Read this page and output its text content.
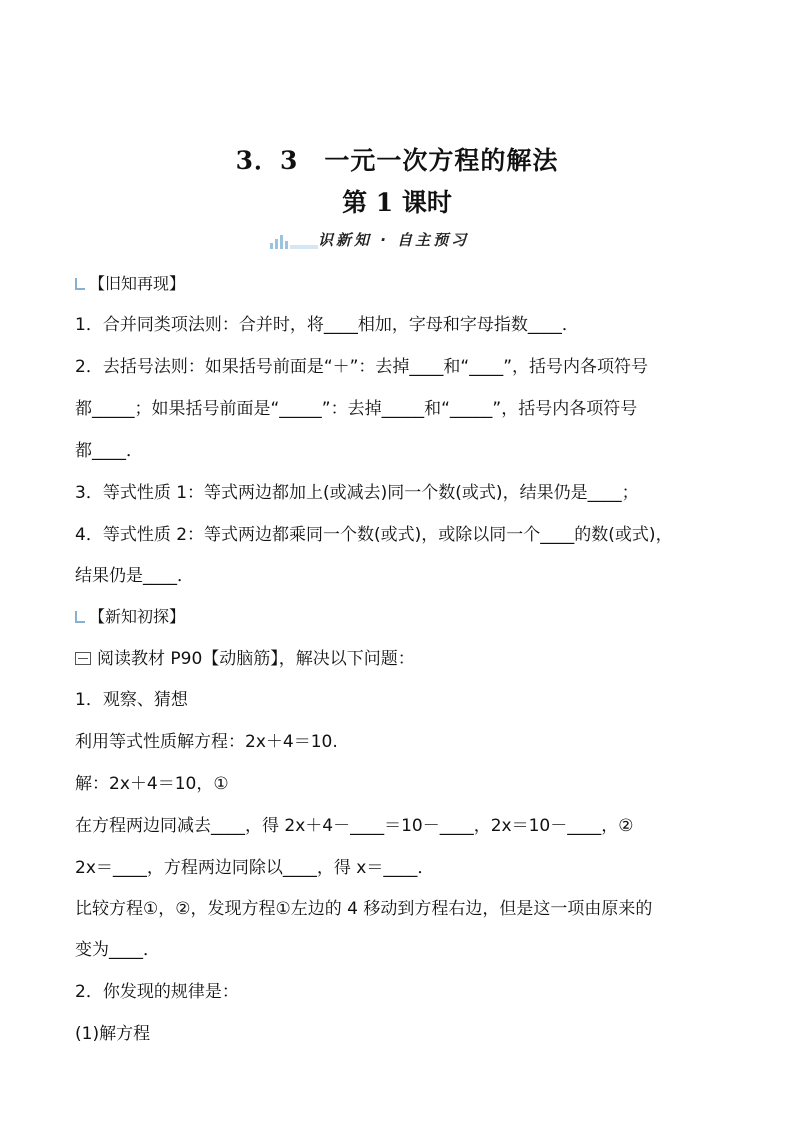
3．3　一元一次方程的解法
第 1 课时
识新知 · 自主预习
【旧知再现】
1．合并同类项法则：合并时，将____相加，字母和字母指数____．
2．去括号法则：如果括号前面是“＋”：去掉____和“____”，括号内各项符号
都_____；如果括号前面是“_____”：去掉_____和“_____”，括号内各项符号
都____．
3．等式性质 1：等式两边都加上(或减去)同一个数(或式)，结果仍是____；
4．等式性质 2：等式两边都乘同一个数(或式)，或除以同一个____的数(或式)，
结果仍是____．
【新知初探】
阅读教材 P90【动脑筋】，解决以下问题：
1．观察、猜想
利用等式性质解方程：2x＋4＝10.
解：2x＋4＝10，①
在方程两边同减去____，得 2x＋4－____＝10－____，2x＝10－____，②
2x＝____，方程两边同除以____，得 x＝____．
比较方程①，②，发现方程①左边的 4 移动到方程右边，但是这一项由原来的
变为____．
2．你发现的规律是：
(1)解方程
